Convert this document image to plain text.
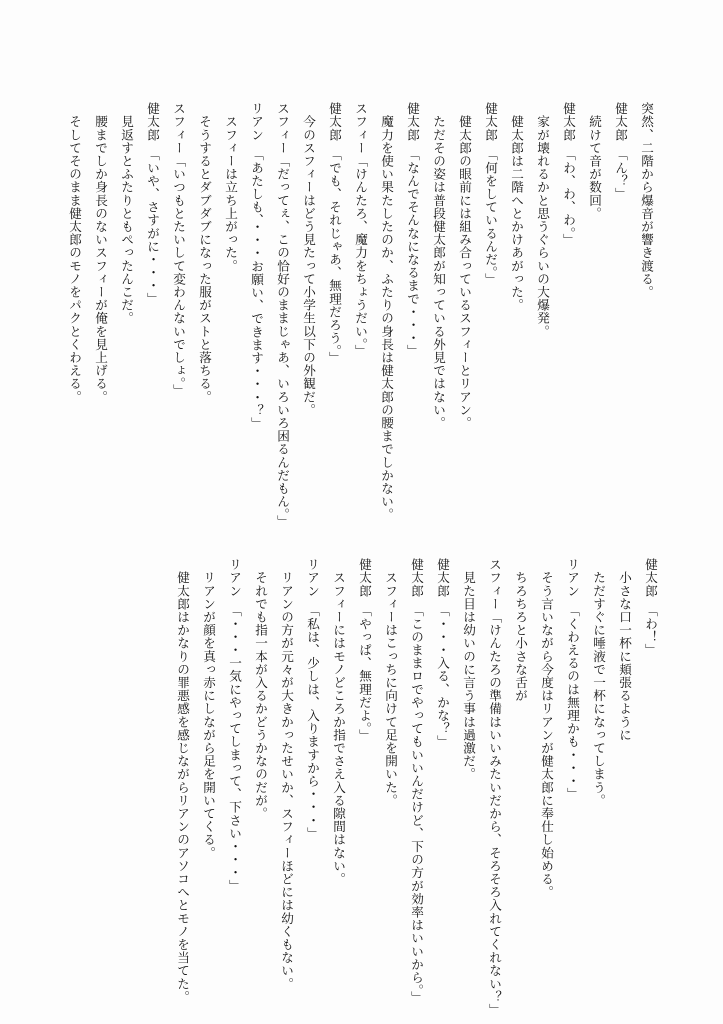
突然、二階から爆音が響き渡る。

健太郎　「ん？」

　続けて音が数回。

健太郎　「わ、わ、わ。」

　家が壊れるかと思うぐらいの大爆発。

　健太郎は二階へとかけあがった。

健太郎　「何をしているんだ。」

　健太郎の眼前には組み合っているスフィーとリアン。

　ただその姿は普段健太郎が知っている外見ではない。

健太郎　「なんでそんなになるまで・・・」

　魔力を使い果たしたのか、ふたりの身長は健太郎の腰までしかない。

スフィー「けんたろ、魔力をちょうだい。」

健太郎　「でも、それじゃあ、無理だろう。」

　今のスフィーはどう見たって小学生以下の外観だ。

スフィー「だってぇ、この恰好のままじゃあ、いろいろ困るんだもん。」

リアン　「あたしも、・・・お願い、できます・・・？」

　スフィーは立ち上がった。

　そうするとダブダブになった服がストと落ちる。

スフィー「いつもとたいして変わんないでしょ。」

健太郎　「いや、さすがに・・・」

　見返すとふたりともぺったんこだ。

　腰までしか身長のないスフィーが俺を見上げる。

　そしてそのまま健太郎のモノをパクとくわえる。

健太郎　「わ！」

　小さな口一杯に頬張るように

　ただすぐに唾液で一杯になってしまう。

リアン　「くわえるのは無理かも・・・」

　そう言いながら今度はリアンが健太郎に奉仕し始める。

　ちろちろと小さな舌が

スフィー「けんたろの準備はいいみたいだから、そろそろ入れてくれない？」

　見た目は幼いのに言う事は過激だ。

健太郎　「・・・入る、かな？」

健太郎　「このままロでやってもいいんだけど、下の方が効率はいいから。」

　スフィーはこっちに向けて足を開いた。

健太郎　「やっぱ、無理だよ。」

　スフィーにはモノどころか指でさえ入る隙間はない。

リアン　「私は、少しは、入りますから・・・」

　リアンの方が元々が大きかったせいか、スフィーほどには幼くもない。

　それでも指一本が入るかどうかなのだが。

リアン　「・・・一気にやってしまって、下さい・・・」

　リアンが顔を真っ赤にしながら足を開いてくる。

　健太郎はかなりの罪悪感を感じながらリアンのアソコへとモノを当てた。
